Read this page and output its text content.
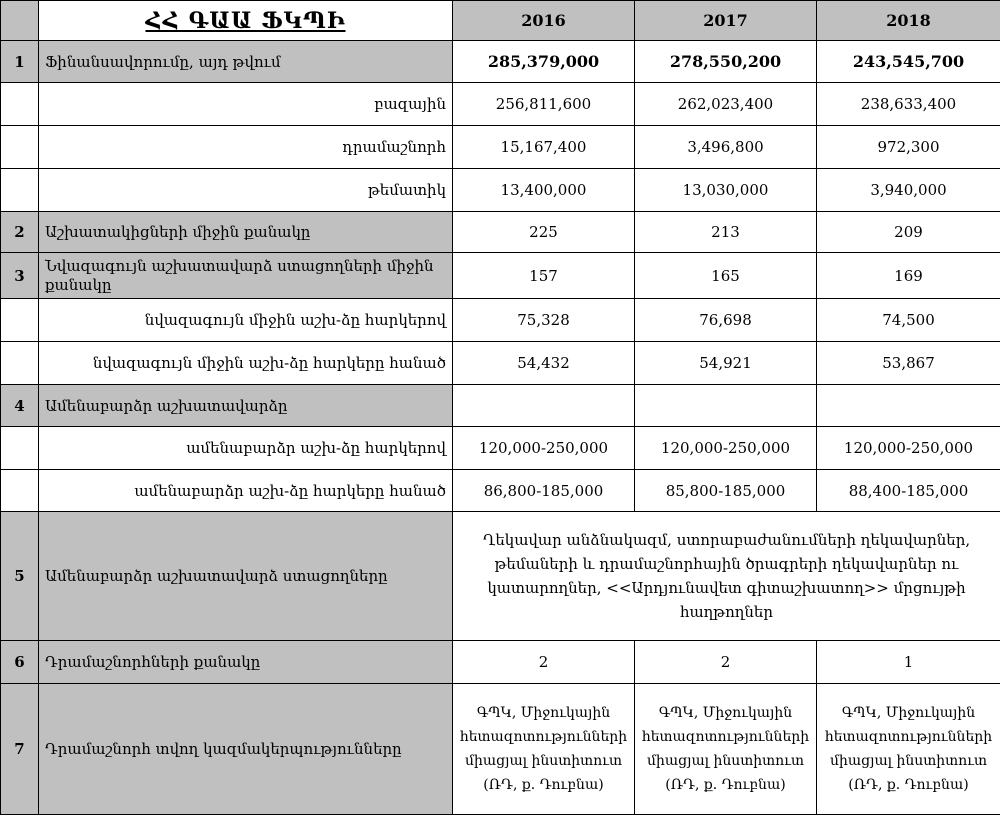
	ՀՀ ԳԱԱ ՖԿՊԻ	2016	2017	2018
1	Ֆինանսավորումը, այդ թվում	285,379,000	278,550,200	243,545,700
	բազային	256,811,600	262,023,400	238,633,400
	դրամաշնորհ	15,167,400	3,496,800	972,300
	թեմատիկ	13,400,000	13,030,000	3,940,000
2	Աշխատակիցների միջին քանակը	225	213	209
3	Նվազագույն աշխատավարձ ստացողների միջին քանակը	157	165	169
	նվազագույն միջին աշխ-ձը հարկերով	75,328	76,698	74,500
	նվազագույն միջին աշխ-ձը հարկերը հանած	54,432	54,921	53,867
4	Ամենաբարձր աշխատավարձը			
	ամենաբարձր աշխ-ձը հարկերով	120,000-250,000	120,000-250,000	120,000-250,000
	ամենաբարձր աշխ-ձը հարկերը հանած	86,800-185,000	85,800-185,000	88,400-185,000
5	Ամենաբարձր աշխատավարձ ստացողները	Ղեկավար անձնակազմ, ստորաբաժանումների ղեկավարներ, թեմաների և դրամաշնորհային ծրագրերի ղեկավարներ ու կատարողներ, <<Արդյունավետ գիտաշխատող>> մրցույթի հաղթողներ		
6	Դրամաշնորհների քանակը	2	2	1
7	Դրամաշնորհ տվող կազմակերպությունները	ԳՊԿ, Միջուկային հետազոտությունների միացյալ ինստիտուտ (ՌԴ, ք. Դուբնա)	ԳՊԿ, Միջուկային հետազոտությունների միացյալ ինստիտուտ (ՌԴ, ք. Դուբնա)	ԳՊԿ, Միջուկային հետազոտությունների միացյալ ինստիտուտ (ՌԴ, ք. Դուբնա)
